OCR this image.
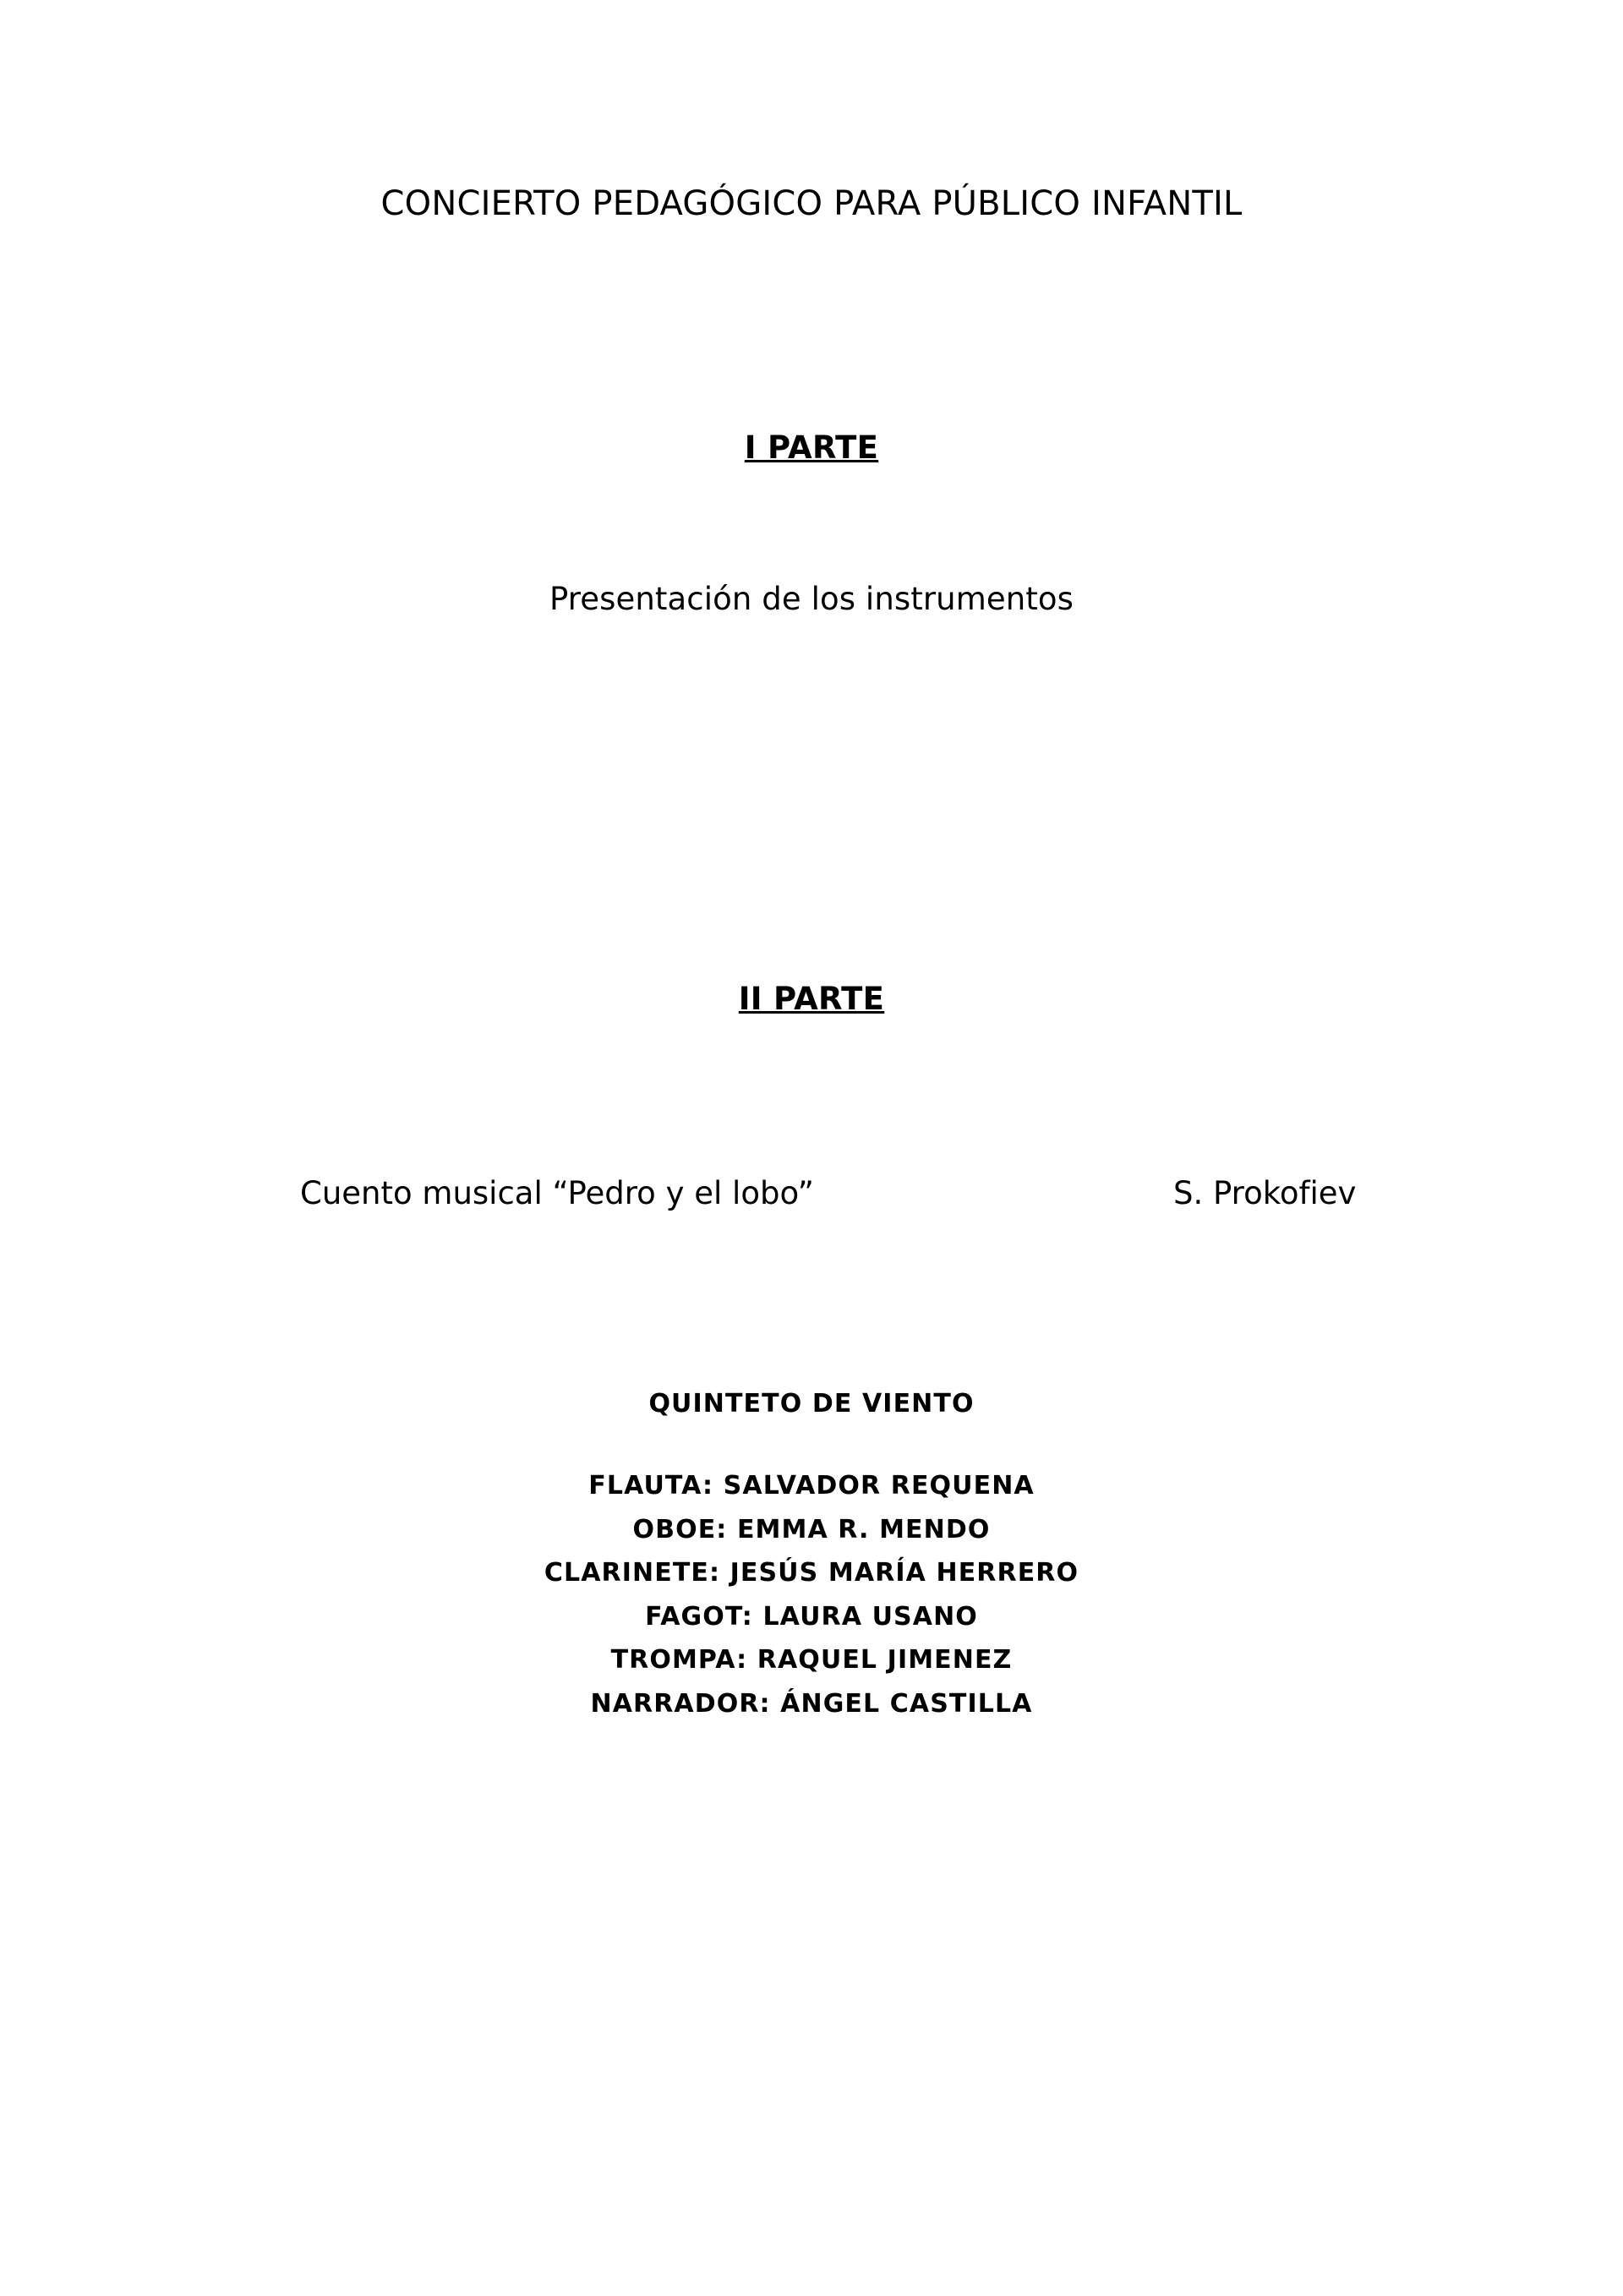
CONCIERTO PEDAGÓGICO PARA PÚBLICO INFANTIL
I PARTE

Presentación de los instrumentos

II PARTE
Cuento musical “Pedro y el lobo”	S. Prokofiev

QUINTETO DE VIENTO

FLAUTA: SALVADOR REQUENA

OBOE: EMMA R. MENDO

CLARINETE: JESÚS MARÍA HERRERO

FAGOT: LAURA USANO

TROMPA: RAQUEL JIMENEZ

NARRADOR: ÁNGEL CASTILLA
